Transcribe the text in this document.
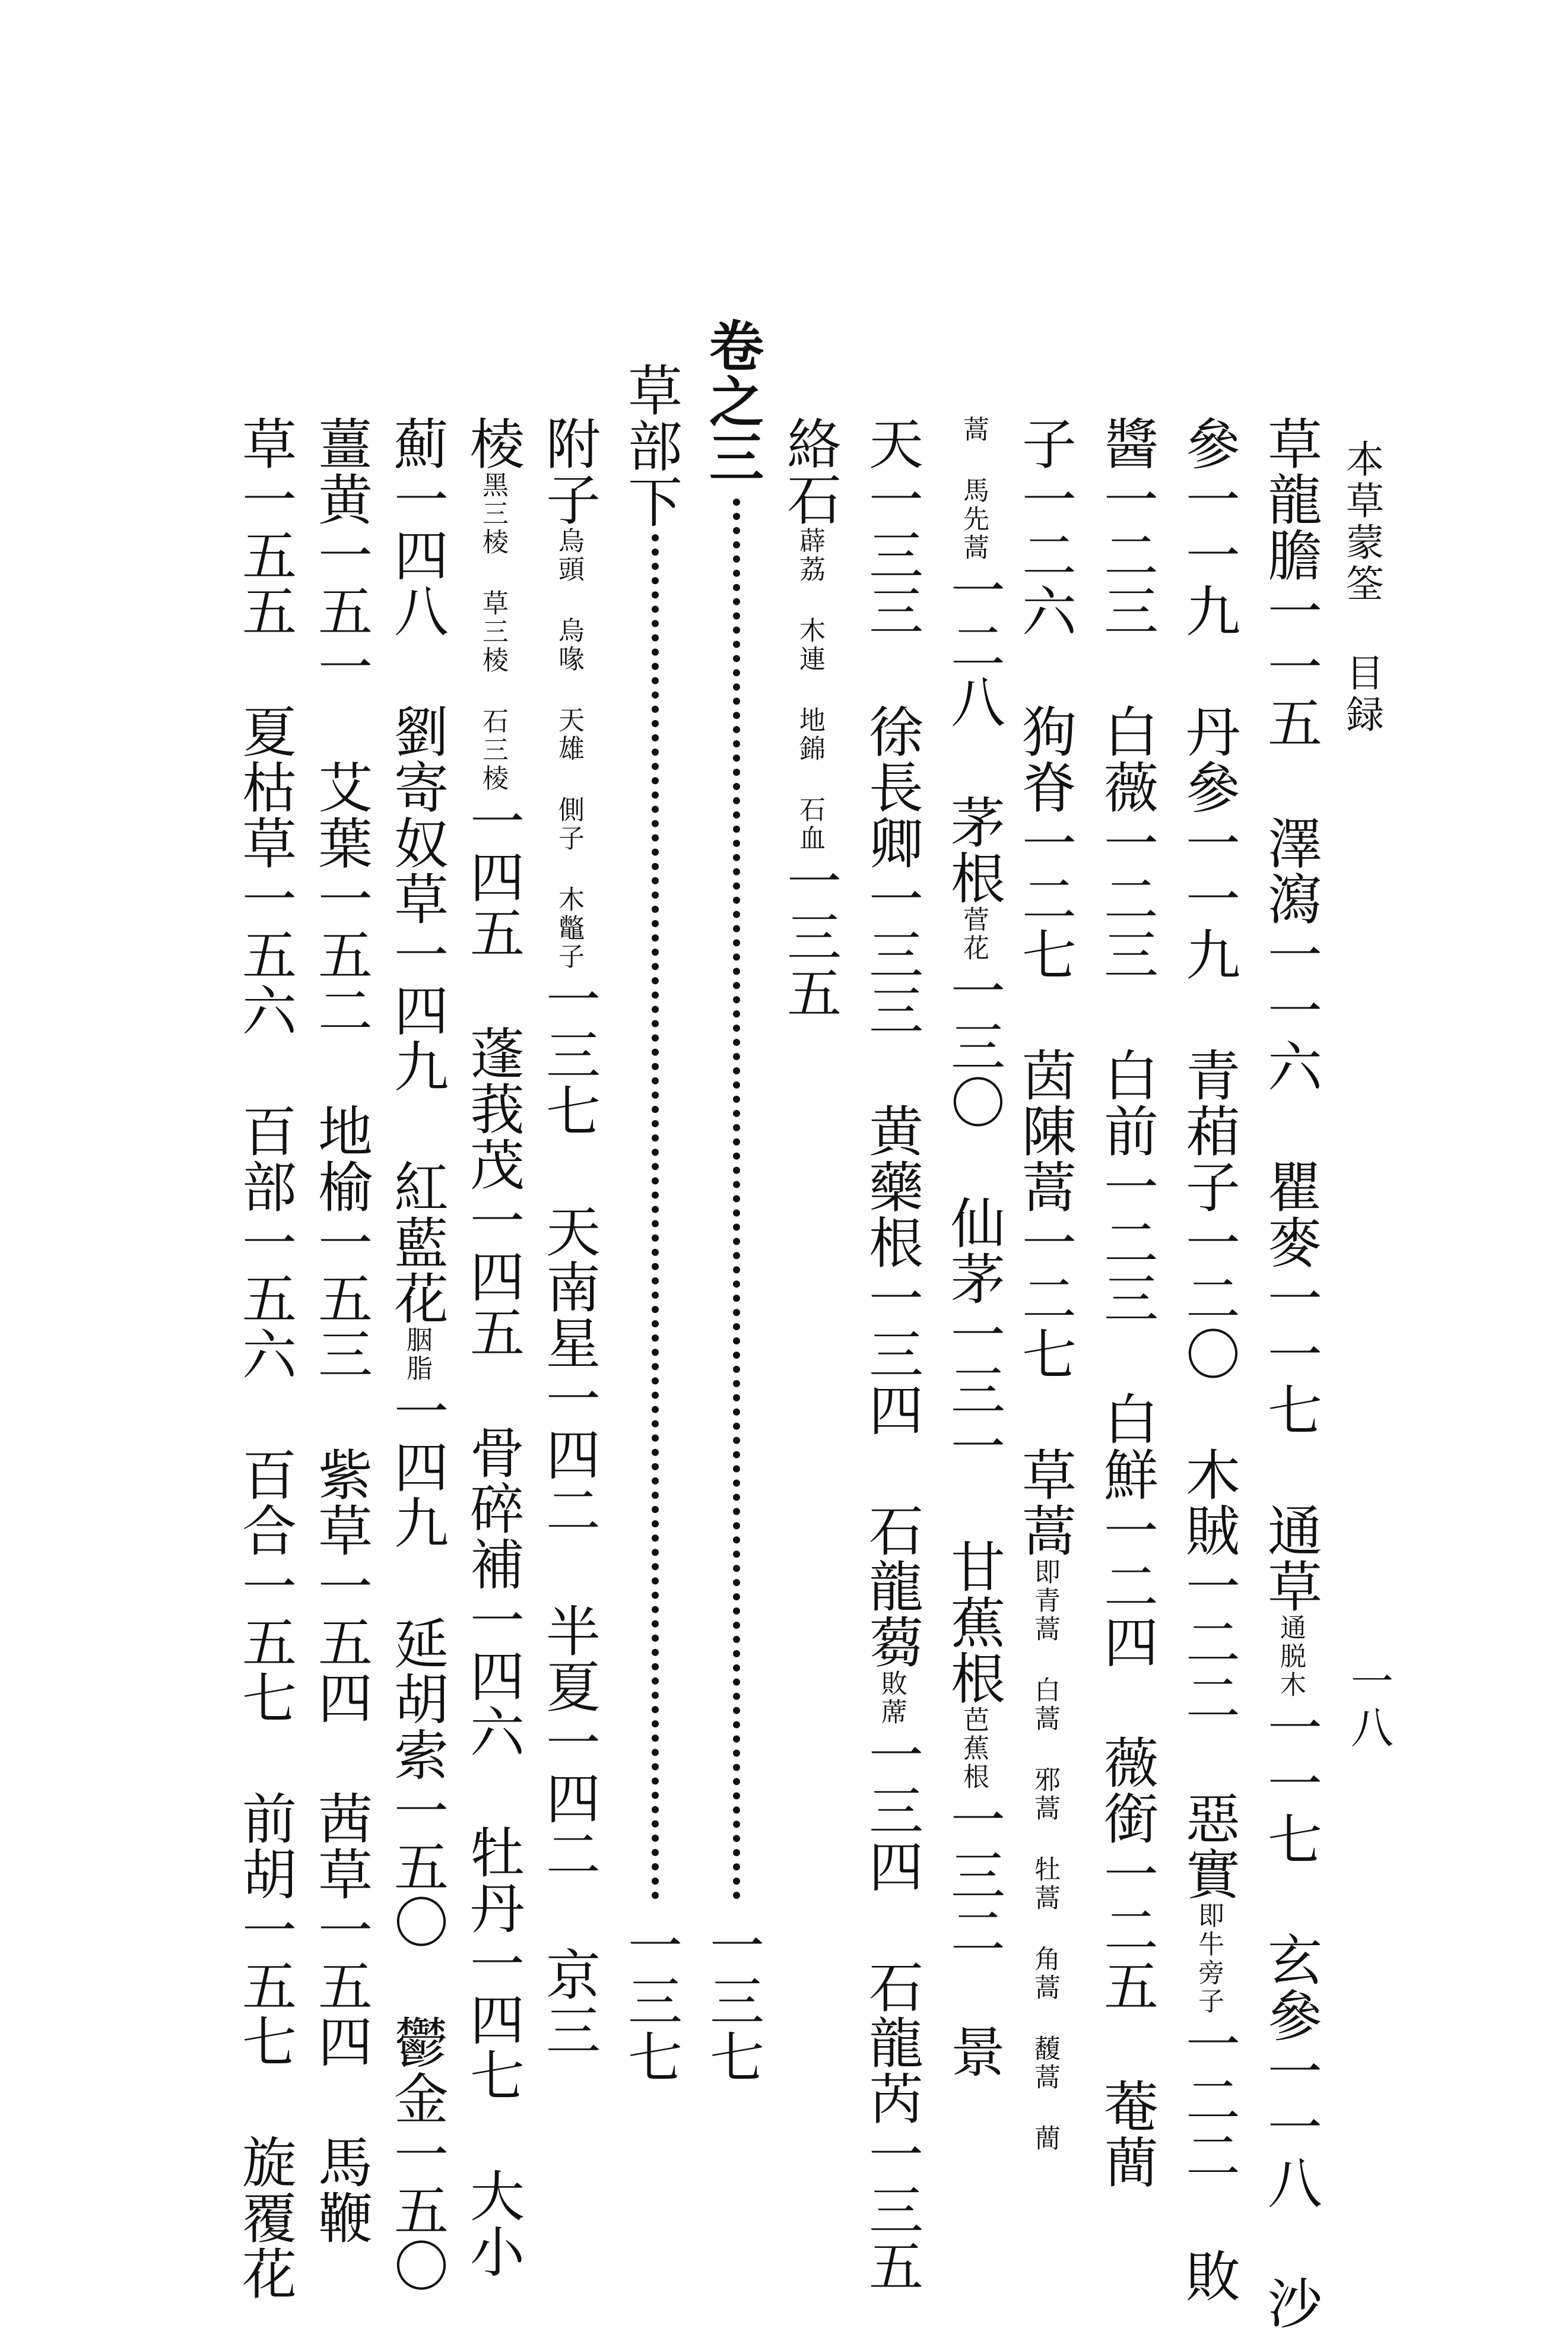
本草蒙筌 目録
一八
草龍膽一一五 澤瀉一一六 瞿麥一一七 通草通脱木一一七 玄參一一八 沙
參一一九 丹參一一九 青葙子一二〇 木賊一二二 惡實即牛旁子一二二 敗
醬一二三 白薇一二三 白前一二三 白鮮一二四 薇銜一二五 菴蕳
子一二六 狗脊一二七 茵陳蒿一二七 草蒿即青蒿 白蒿 邪蒿 牡蒿 角蒿 𧄦蒿 蕳
蒿 馬先蒿一二八 茅根菅花一三〇 仙茅一三一 甘蕉根芭蕉根一三二 景
天一三三 徐長卿一三三 黄藥根一三四 石龍蒭敗蓆一三四 石龍芮一三五
絡石薜荔 木連 地錦 石血一三五
卷之三
一三七
草部下
一三七
附子烏頭 烏喙 天雄 側子 木鼈子一三七 天南星一四二 半夏一四二 京三
棱黑三棱 草三棱 石三棱一四五 蓬莪茂一四五 骨碎補一四六 牡丹一四七 大小
薊一四八 劉寄奴草一四九 紅藍花胭脂一四九 延胡索一五〇 鬱金一五〇
薑黄一五一 艾葉一五二 地榆一五三 紫草一五四 茜草一五四 馬鞭
草一五五 夏枯草一五六 百部一五六 百合一五七 前胡一五七 旋覆花
